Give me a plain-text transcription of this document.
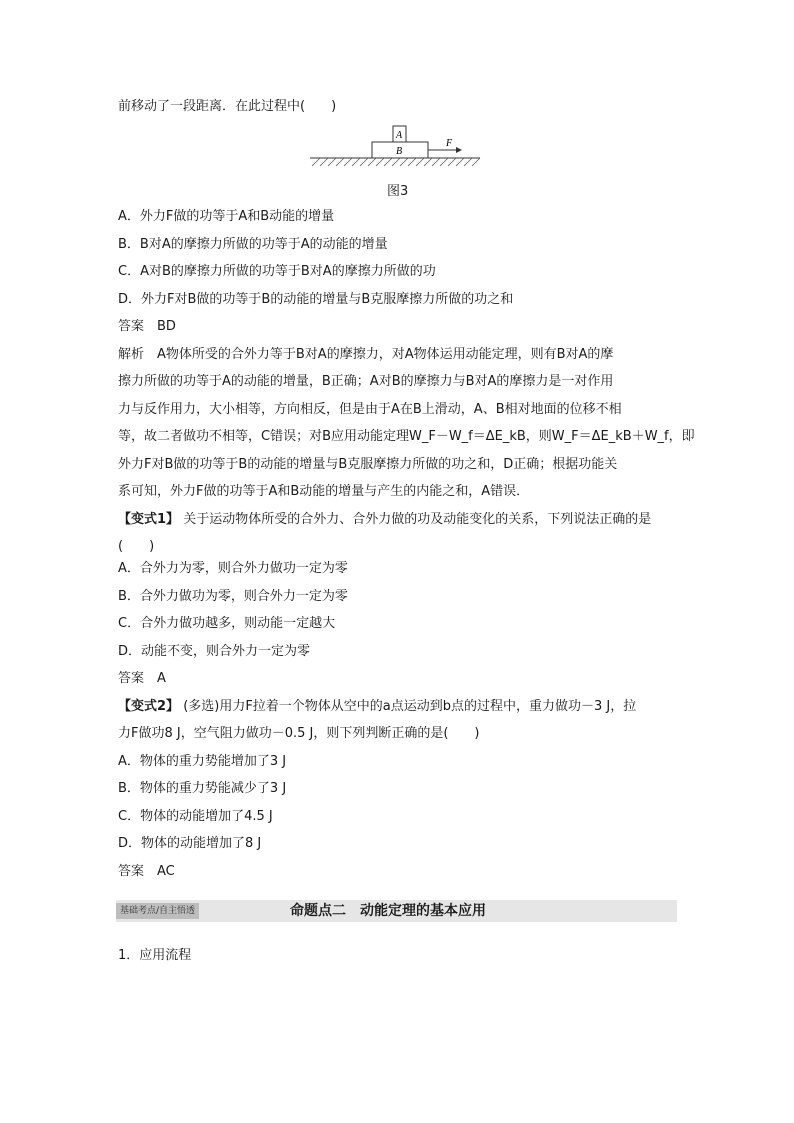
前移动了一段距离．在此过程中(　　)
A
B
F
图3
A．外力F做的功等于A和B动能的增量
B．B对A的摩擦力所做的功等于A的动能的增量
C．A对B的摩擦力所做的功等于B对A的摩擦力所做的功
D．外力F对B做的功等于B的动能的增量与B克服摩擦力所做的功之和
答案　BD
解析　A物体所受的合外力等于B对A的摩擦力，对A物体运用动能定理，则有B对A的摩
擦力所做的功等于A的动能的增量，B正确；A对B的摩擦力与B对A的摩擦力是一对作用
力与反作用力，大小相等，方向相反，但是由于A在B上滑动，A、B相对地面的位移不相
等，故二者做功不相等，C错误；对B应用动能定理W_F－W_f＝ΔE_kB，则W_F＝ΔE_kB＋W_f，即
外力F对B做的功等于B的动能的增量与B克服摩擦力所做的功之和，D正确；根据功能关
系可知，外力F做的功等于A和B动能的增量与产生的内能之和，A错误．
【变式1】 关于运动物体所受的合外力、合外力做的功及动能变化的关系，下列说法正确的是
(　　)
A．合外力为零，则合外力做功一定为零
B．合外力做功为零，则合外力一定为零
C．合外力做功越多，则动能一定越大
D．动能不变，则合外力一定为零
答案　A
【变式2】 (多选)用力F拉着一个物体从空中的a点运动到b点的过程中，重力做功－3 J，拉
力F做功8 J，空气阻力做功－0.5 J，则下列判断正确的是(　　)
A．物体的重力势能增加了3 J
B．物体的重力势能减少了3 J
C．物体的动能增加了4.5 J
D．物体的动能增加了8 J
答案　AC
基础考点/自主悟透	命题点二　动能定理的基本应用
1．应用流程
